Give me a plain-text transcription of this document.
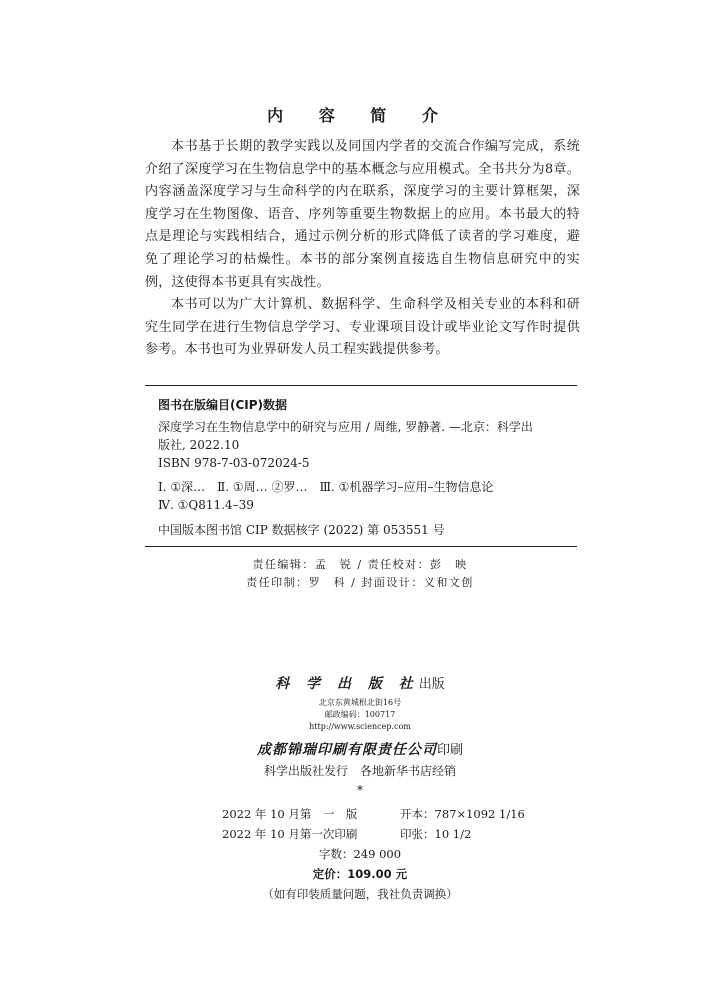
内 容 简 介

本书基于长期的教学实践以及同国内学者的交流合作编写完成，系统介绍了深度学习在生物信息学中的基本概念与应用模式。全书共分为8章。内容涵盖深度学习与生命科学的内在联系，深度学习的主要计算框架，深度学习在生物图像、语音、序列等重要生物数据上的应用。本书最大的特点是理论与实践相结合，通过示例分析的形式降低了读者的学习难度，避免了理论学习的枯燥性。本书的部分案例直接选自生物信息研究中的实例，这使得本书更具有实战性。

本书可以为广大计算机、数据科学、生命科学及相关专业的本科和研究生同学在进行生物信息学学习、专业课项目设计或毕业论文写作时提供参考。本书也可为业界研发人员工程实践提供参考。

图书在版编目(CIP)数据
深度学习在生物信息学中的研究与应用 / 周维, 罗静著. —北京：科学出
版社, 2022.10
ISBN 978-7-03-072024-5
Ⅰ. ①深…　Ⅱ. ①周… ②罗…　Ⅲ. ①机器学习–应用–生物信息论
Ⅳ. ①Q811.4–39
中国版本图书馆 CIP 数据核字 (2022) 第 053551 号
责任编辑：孟　锐 / 责任校对：彭　映
责任印制：罗　科 / 封面设计：义和文创
科 学 出 版 社出版
北京东黄城根北街16号
邮政编码：100717
http://www.sciencep.com
成都锦瑞印刷有限责任公司印刷
科学出版社发行　各地新华书店经销
*
2022 年 10 月第　一　版	开本：787×1092 1/16
2022 年 10 月第一次印刷	印张：10 1/2
字数：249 000
定价：109.00 元
（如有印装质量问题，我社负责调换）
